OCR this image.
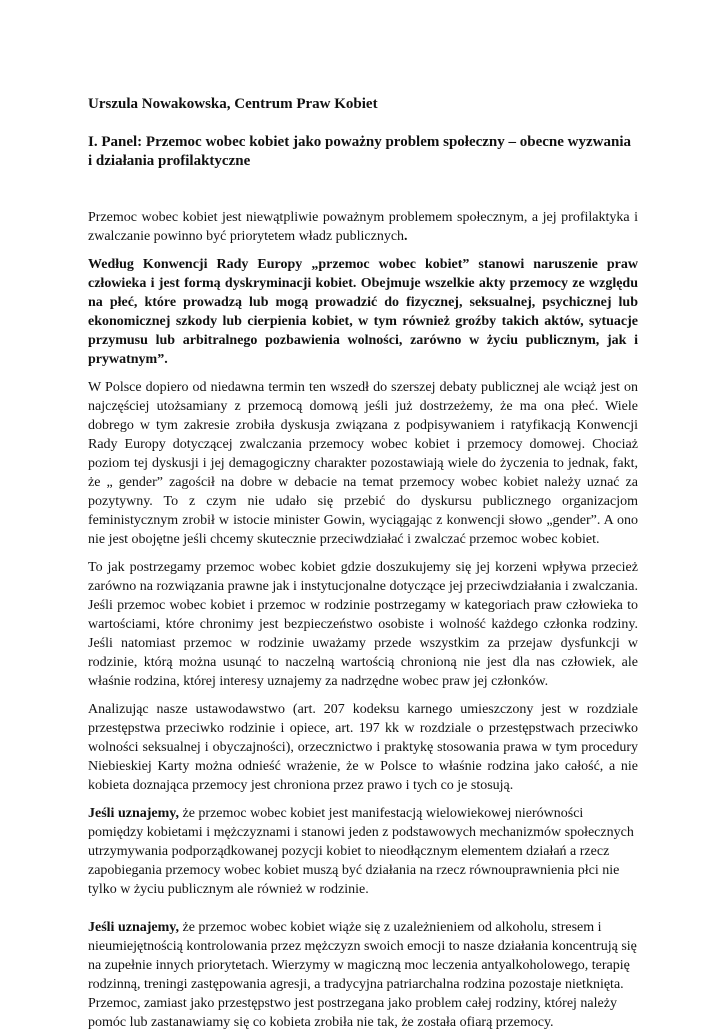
Urszula Nowakowska, Centrum Praw Kobiet

I. Panel: Przemoc wobec kobiet jako poważny problem społeczny – obecne wyzwania i działania profilaktyczne

Przemoc wobec kobiet jest niewątpliwie poważnym problemem społecznym, a jej profilaktyka i zwalczanie powinno być priorytetem władz publicznych.

Według Konwencji Rady Europy „przemoc wobec kobiet” stanowi naruszenie praw człowieka i jest formą dyskryminacji kobiet. Obejmuje wszelkie akty przemocy ze względu na płeć, które prowadzą lub mogą prowadzić do fizycznej, seksualnej, psychicznej lub ekonomicznej szkody lub cierpienia kobiet, w tym również groźby takich aktów, sytuacje przymusu lub arbitralnego pozbawienia wolności, zarówno w życiu publicznym, jak i prywatnym”.

W Polsce dopiero od niedawna termin ten wszedł do szerszej debaty publicznej ale wciąż jest on najczęściej utożsamiany z przemocą domową jeśli już dostrzeżemy, że ma ona płeć. Wiele dobrego w tym zakresie zrobiła dyskusja związana z podpisywaniem i ratyfikacją Konwencji Rady Europy dotyczącej zwalczania przemocy wobec kobiet i przemocy domowej. Chociaż poziom tej dyskusji i jej demagogiczny charakter pozostawiają wiele do życzenia to jednak, fakt, że „ gender” zagościł na dobre w debacie na temat przemocy wobec kobiet należy uznać za pozytywny. To z czym nie udało się przebić do dyskursu publicznego organizacjom feministycznym zrobił w istocie minister Gowin, wyciągając z konwencji słowo „gender”. A ono nie jest obojętne jeśli chcemy skutecznie przeciwdziałać i zwalczać przemoc wobec kobiet.

To jak postrzegamy przemoc wobec kobiet gdzie doszukujemy się jej korzeni wpływa przecież zarówno na rozwiązania prawne jak i instytucjonalne dotyczące jej przeciwdziałania i zwalczania. Jeśli przemoc wobec kobiet i przemoc w rodzinie postrzegamy w kategoriach praw człowieka to wartościami, które chronimy jest bezpieczeństwo osobiste i wolność każdego członka rodziny. Jeśli natomiast przemoc w rodzinie uważamy przede wszystkim za przejaw dysfunkcji w rodzinie, którą można usunąć to naczelną wartością chronioną nie jest dla nas człowiek, ale właśnie rodzina, której interesy uznajemy za nadrzędne wobec praw jej członków.

Analizując nasze ustawodawstwo (art. 207 kodeksu karnego umieszczony jest w rozdziale przestępstwa przeciwko rodzinie i opiece, art. 197 kk w rozdziale o przestępstwach przeciwko wolności seksualnej i obyczajności), orzecznictwo i praktykę stosowania prawa w tym procedury Niebieskiej Karty można odnieść wrażenie, że w Polsce to właśnie rodzina jako całość, a nie kobieta doznająca przemocy jest chroniona przez prawo i tych co je stosują.

Jeśli uznajemy, że przemoc wobec kobiet jest manifestacją wielowiekowej nierówności pomiędzy kobietami i mężczyznami i stanowi jeden z podstawowych mechanizmów społecznych utrzymywania podporządkowanej pozycji kobiet to nieodłącznym elementem działań a rzecz zapobiegania przemocy wobec kobiet muszą być działania na rzecz równouprawnienia płci nie tylko w życiu publicznym ale również w rodzinie.

Jeśli uznajemy, że przemoc wobec kobiet wiąże się z uzależnieniem od alkoholu, stresem i nieumiejętnością kontrolowania przez mężczyzn swoich emocji to nasze działania koncentrują się na zupełnie innych priorytetach. Wierzymy w magiczną moc leczenia antyalkoholowego, terapię rodzinną, treningi zastępowania agresji, a tradycyjna patriarchalna rodzina pozostaje nietknięta. Przemoc, zamiast jako przestępstwo jest postrzegana jako problem całej rodziny, której należy pomóc lub zastanawiamy się co kobieta zrobiła nie tak, że została ofiarą przemocy.
